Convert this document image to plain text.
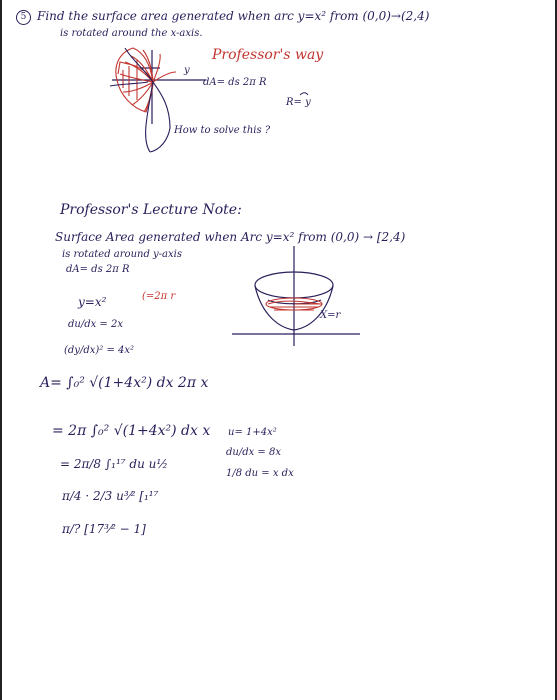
5 Find the surface area generated when arc y=x² from (0,0)→(2,4)
is rotated around the x-axis.
y
Professor's way
dA= ds 2π R
R= y
How to solve this ?
Professor's Lecture Note:
Surface Area generated when Arc y=x² from (0,0) → [2,4)
is rotated around y-axis
dA= ds 2π R
X=r
y=x²	(=2π r
du/dx = 2x
(dy/dx)² = 4x²
A= ∫₀² √(1+4x²) dx 2π x
= 2π ∫₀² √(1+4x²) dx x
= 2π/8 ∫₁¹⁷ du u½
π/4 · 2/3 u³⁄² [₁¹⁷
π/? [17³⁄² − 1]
u= 1+4x²
du/dx = 8x
1/8 du = x dx
